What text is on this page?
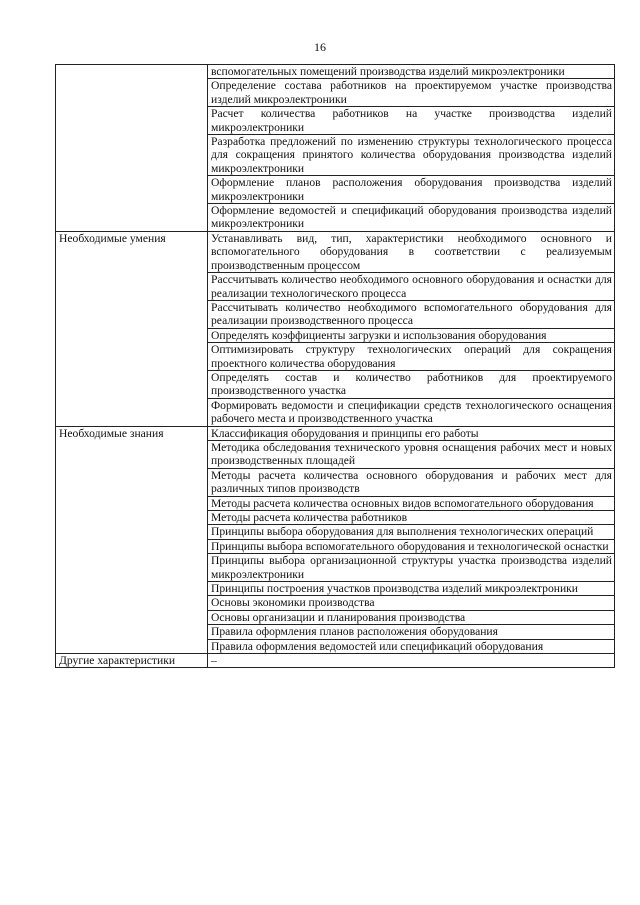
16
	вспомогательных помещений производства изделий микроэлектроники
	Определение состава работников на проектируемом участке производства изделий микроэлектроники
	Расчет количества работников на участке производства изделий микроэлектроники
	Разработка предложений по изменению структуры технологического процесса для сокращения принятого количества оборудования производства изделий микроэлектроники
	Оформление планов расположения оборудования производства изделий микроэлектроники
	Оформление ведомостей и спецификаций оборудования производства изделий микроэлектроники
Необходимые умения	Устанавливать вид, тип, характеристики необходимого основного и вспомогательного оборудования в соответствии с реализуемым производственным процессом
	Рассчитывать количество необходимого основного оборудования и оснастки для реализации технологического процесса
	Рассчитывать количество необходимого вспомогательного оборудования для реализации производственного процесса
	Определять коэффициенты загрузки и использования оборудования
	Оптимизировать структуру технологических операций для сокращения проектного количества оборудования
	Определять состав и количество работников для проектируемого производственного участка
	Формировать ведомости и спецификации средств технологического оснащения рабочего места и производственного участка
Необходимые знания	Классификация оборудования и принципы его работы
	Методика обследования технического уровня оснащения рабочих мест и новых производственных площадей
	Методы расчета количества основного оборудования и рабочих мест для различных типов производств
	Методы расчета количества основных видов вспомогательного оборудования
	Методы расчета количества работников
	Принципы выбора оборудования для выполнения технологических операций
	Принципы выбора вспомогательного оборудования и технологической оснастки
	Принципы выбора организационной структуры участка производства изделий микроэлектроники
	Принципы построения участков производства изделий микроэлектроники
	Основы экономики производства
	Основы организации и планирования производства
	Правила оформления планов расположения оборудования
	Правила оформления ведомостей или спецификаций оборудования
Другие характеристики	–
